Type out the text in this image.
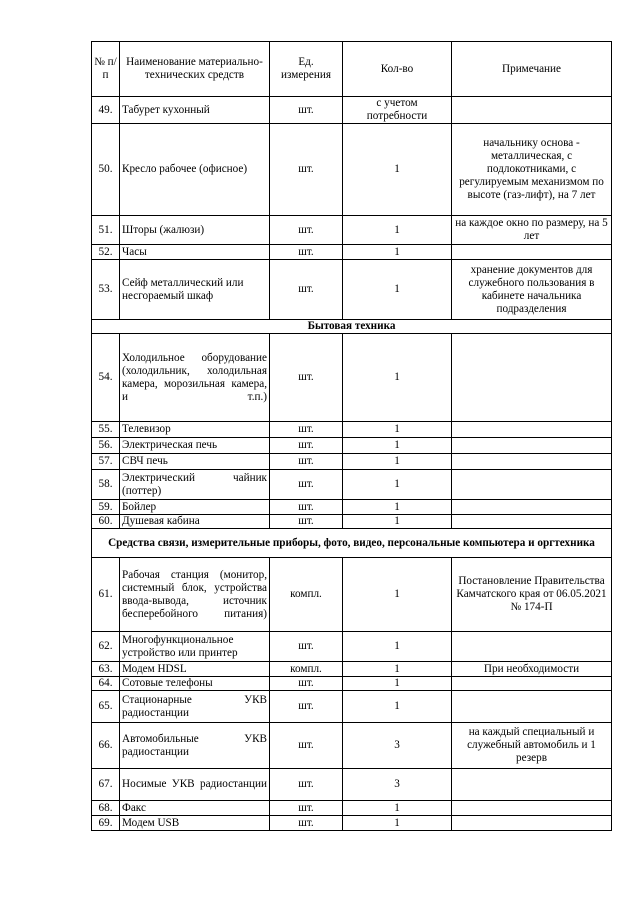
№ п/п	Наименование материально-технических средств	Ед. измерения	Кол-во	Примечание
49.	Табурет кухонный	шт.	с учетом потребности	
50.	Кресло рабочее (офисное)	шт.	1	начальнику основа - металлическая, с подлокотниками, с регулируемым механизмом по высоте (газ-лифт), на 7 лет
51.	Шторы (жалюзи)	шт.	1	на каждое окно по размеру, на 5 лет
52.	Часы	шт.	1	
53.	Сейф металлический или несгораемый шкаф	шт.	1	хранение документов для служебного пользования в кабинете начальника подразделения
Бытовая техника				
54.	Холодильное оборудование (холодильник, холодильная камера, морозильная камера, и т.п.)	шт.	1	
55.	Телевизор	шт.	1	
56.	Электрическая печь	шт.	1	
57.	СВЧ печь	шт.	1	
58.	Электрический чайник (поттер)	шт.	1	
59.	Бойлер	шт.	1	
60.	Душевая кабина	шт.	1	
Средства связи, измерительные приборы, фото, видео, персональные компьютера и оргтехника				
61.	Рабочая станция (монитор, системный блок, устройства ввода-вывода, источник бесперебойного питания)	компл.	1	Постановление Правительства Камчатского края от 06.05.2021 № 174-П
62.	Многофункциональное устройство или принтер	шт.	1	
63.	Модем HDSL	компл.	1	При необходимости
64.	Сотовые телефоны	шт.	1	
65.	Стационарные УКВ радиостанции	шт.	1	
66.	Автомобильные УКВ радиостанции	шт.	3	на каждый специальный и служебный автомобиль и 1 резерв
67.	Носимые УКВ радиостанции	шт.	3	
68.	Факс	шт.	1	
69.	Модем USB	шт.	1	
